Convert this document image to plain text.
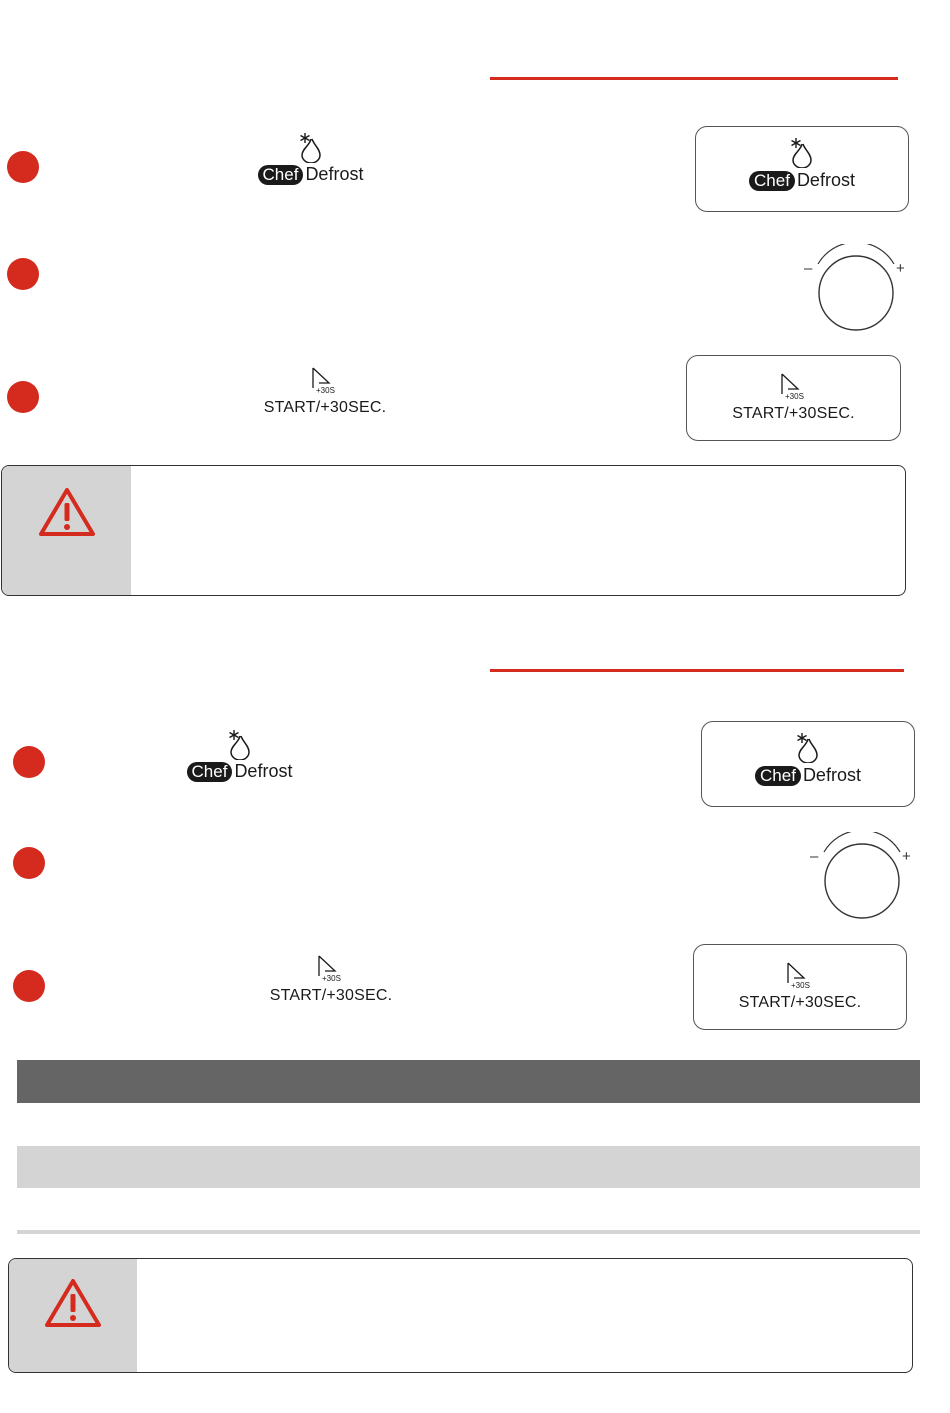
Chef Defrost	Chef Defrost
–	+
+30S
START/+30SEC.
+30S
START/+30SEC.
Chef Defrost	Chef Defrost
–	+
+30S
START/+30SEC.
+30S
START/+30SEC.
